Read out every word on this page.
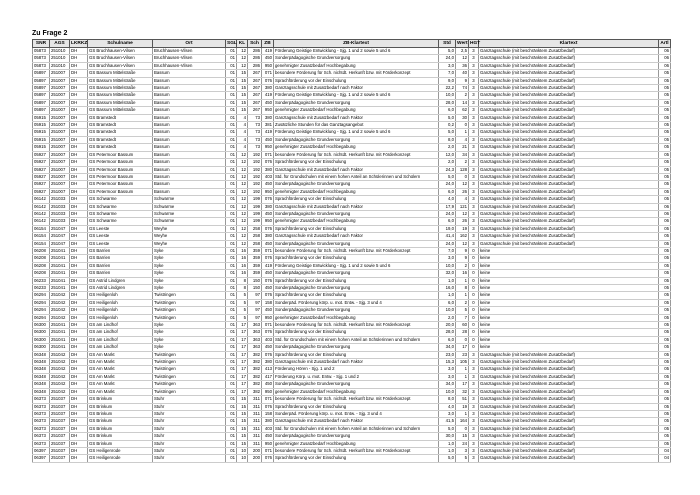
Zu Frage 2
SNR	AGS	LKRKZ	Schulname	Ort	SGL	KL	Sch	ZB	ZB-Klartext	Std	Wert	HGT	Klartext	Artl
05873	251010	DH	GS Bruchhausen-Vilsen	Bruchhausen-Vilsen	01	12	286	419	Förderung Geistige Entwicklung - Sjg. 1 und 2 sowie 5 und 6	5,0	2,5	3	Ganztagsschule (mit beschränktem Zusatzbedarf)	06
05873	251010	DH	GS Bruchhausen-Vilsen	Bruchhausen-Vilsen	01	12	286	450	Sonderpädagogische Grundversorgung	24,0	12	3	Ganztagsschule (mit beschränktem Zusatzbedarf)	06
05873	251010	DH	GS Bruchhausen-Vilsen	Bruchhausen-Vilsen	01	12	286	950	genehmigter Zusatzbedarf Hochbegabung	3,0	36	3	Ganztagsschule (mit beschränktem Zusatzbedarf)	06
05897	251007	DH	GS Bassum Mittelstraße	Bassum	01	15	267	071	besondere Förderung für Sch. nichtdt. Herkunft bzw. mit Förderkonzept	7,0	40	3	Ganztagsschule (mit beschränktem Zusatzbedarf)	05
05897	251007	DH	GS Bassum Mittelstraße	Bassum	01	15	267	076	Sprachförderung vor der Einschulung	9,0	9	3	Ganztagsschule (mit beschränktem Zusatzbedarf)	05
05897	251007	DH	GS Bassum Mittelstraße	Bassum	01	15	267	380	Ganztagsschule mit Zusatzbedarf nach Faktor	22,2	74	3	Ganztagsschule (mit beschränktem Zusatzbedarf)	05
05897	251007	DH	GS Bassum Mittelstraße	Bassum	01	15	267	419	Förderung Geistige Entwicklung - Sjg. 1 und 2 sowie 5 und 6	10,0	2	3	Ganztagsschule (mit beschränktem Zusatzbedarf)	05
05897	251007	DH	GS Bassum Mittelstraße	Bassum	01	15	267	450	Sonderpädagogische Grundversorgung	28,0	14	3	Ganztagsschule (mit beschränktem Zusatzbedarf)	05
05897	251007	DH	GS Bassum Mittelstraße	Bassum	01	15	267	950	genehmigter Zusatzbedarf Hochbegabung	6,0	62	3	Ganztagsschule (mit beschränktem Zusatzbedarf)	05
05915	251007	DH	GS Bramstedt	Bassum	01	4	73	380	Ganztagsschule mit Zusatzbedarf nach Faktor	5,0	30	3	Ganztagsschule (mit beschränktem Zusatzbedarf)	05
05915	251007	DH	GS Bramstedt	Bassum	01	4	73	381	Zusätzliche Stunden für das Ganztagsangebot	0,2	0	3	Ganztagsschule (mit beschränktem Zusatzbedarf)	05
05915	251007	DH	GS Bramstedt	Bassum	01	4	73	419	Förderung Geistige Entwicklung - Sjg. 1 und 2 sowie 5 und 6	5,0	1	3	Ganztagsschule (mit beschränktem Zusatzbedarf)	05
05915	251007	DH	GS Bramstedt	Bassum	01	4	73	450	Sonderpädagogische Grundversorgung	8,0	4	3	Ganztagsschule (mit beschränktem Zusatzbedarf)	05
05915	251007	DH	GS Bramstedt	Bassum	01	4	73	950	genehmigter Zusatzbedarf Hochbegabung	2,0	21	3	Ganztagsschule (mit beschränktem Zusatzbedarf)	05
05927	251007	DH	GS Petermoor Bassum	Bassum	01	12	192	071	besondere Förderung für Sch. nichtdt. Herkunft bzw. mit Förderkonzept	12,0	34	3	Ganztagsschule (mit beschränktem Zusatzbedarf)	05
05927	251007	DH	GS Petermoor Bassum	Bassum	01	12	192	076	Sprachförderung vor der Einschulung	2,0	2	3	Ganztagsschule (mit beschränktem Zusatzbedarf)	05
05927	251007	DH	GS Petermoor Bassum	Bassum	01	12	192	380	Ganztagsschule mit Zusatzbedarf nach Faktor	24,3	128	3	Ganztagsschule (mit beschränktem Zusatzbedarf)	05
05927	251007	DH	GS Petermoor Bassum	Bassum	01	12	192	403	Std. für Grundschulen mit einem hohen Anteil an Schülerinnen und Schülern	5,0	0	3	Ganztagsschule (mit beschränktem Zusatzbedarf)	05
05927	251007	DH	GS Petermoor Bassum	Bassum	01	12	192	450	Sonderpädagogische Grundversorgung	24,0	12	3	Ganztagsschule (mit beschränktem Zusatzbedarf)	05
05927	251007	DH	GS Petermoor Bassum	Bassum	01	12	192	950	genehmigter Zusatzbedarf Hochbegabung	6,0	26	3	Ganztagsschule (mit beschränktem Zusatzbedarf)	05
06142	251033	DH	GS Schwarme	Schwarme	01	12	199	076	Sprachförderung vor der Einschulung	4,0	4	3	Ganztagsschule (mit beschränktem Zusatzbedarf)	05
06142	251033	DH	GS Schwarme	Schwarme	01	12	199	380	Ganztagsschule mit Zusatzbedarf nach Faktor	17,9	121	3	Ganztagsschule (mit beschränktem Zusatzbedarf)	06
06142	251033	DH	GS Schwarme	Schwarme	01	12	199	450	Sonderpädagogische Grundversorgung	24,0	12	3	Ganztagsschule (mit beschränktem Zusatzbedarf)	06
06142	251033	DH	GS Schwarme	Schwarme	01	12	199	950	genehmigter Zusatzbedarf Hochbegabung	6,0	26	3	Ganztagsschule (mit beschränktem Zusatzbedarf)	06
06154	251047	DH	GS Leeste	Weyhe	01	12	258	076	Sprachförderung vor der Einschulung	19,0	19	3	Ganztagsschule (mit beschränktem Zusatzbedarf)	05
06154	251047	DH	GS Leeste	Weyhe	01	12	258	380	Ganztagsschule mit Zusatzbedarf nach Faktor	41,4	162	3	Ganztagsschule (mit beschränktem Zusatzbedarf)	05
06154	251047	DH	GS Leeste	Weyhe	01	12	258	450	Sonderpädagogische Grundversorgung	24,0	12	3	Ganztagsschule (mit beschränktem Zusatzbedarf)	05
06208	251041	DH	GS Barrien	Syke	01	16	359	071	besondere Förderung für Sch. nichtdt. Herkunft bzw. mit Förderkonzept	7,0	9	0	keine	05
06208	251041	DH	GS Barrien	Syke	01	16	359	076	Sprachförderung vor der Einschulung	3,0	9	0	keine	05
06208	251041	DH	GS Barrien	Syke	01	16	359	419	Förderung Geistige Entwicklung - Sjg. 1 und 2 sowie 5 und 6	10,0	2	0	keine	05
06208	251041	DH	GS Barrien	Syke	01	16	359	450	Sonderpädagogische Grundversorgung	32,0	16	0	keine	05
06233	251041	DH	GS Astrid Lindgren	Syke	01	8	150	076	Sprachförderung vor der Einschulung	1,0	1	0	keine	05
06233	251041	DH	GS Astrid Lindgren	Syke	01	8	150	450	Sonderpädagogische Grundversorgung	16,0	8	0	keine	05
06294	251042	DH	GS Heiligenloh	Twistringen	01	5	97	076	Sprachförderung vor der Einschulung	1,0	1	0	keine	05
06294	251042	DH	GS Heiligenloh	Twistringen	01	5	97	158	Sonderpäd. Förderung körp. u. mot. Entw. - Sjg. 3 und 4	6,0	2	0	keine	05
06294	251042	DH	GS Heiligenloh	Twistringen	01	5	97	450	Sonderpädagogische Grundversorgung	10,0	5	0	keine	05
06294	251042	DH	GS Heiligenloh	Twistringen	01	5	97	950	genehmigter Zusatzbedarf Hochbegabung	2,0	7	0	keine	05
06300	251041	DH	GS am Lindhof	Syke	01	17	363	071	besondere Förderung für Sch. nichtdt. Herkunft bzw. mit Förderkonzept	20,0	60	0	keine	05
06300	251041	DH	GS am Lindhof	Syke	01	17	363	076	Sprachförderung vor der Einschulung	28,0	28	0	keine	05
06300	251041	DH	GS am Lindhof	Syke	01	17	363	403	Std. für Grundschulen mit einem hohen Anteil an Schülerinnen und Schülern	6,0	0	0	keine	05
06300	251041	DH	GS am Lindhof	Syke	01	17	363	450	Sonderpädagogische Grundversorgung	34,0	17	0	keine	05
06348	251042	DH	GS Am Markt	Twistringen	01	17	382	076	Sprachförderung vor der Einschulung	23,0	23	3	Ganztagsschule (mit beschränktem Zusatzbedarf)	05
06348	251042	DH	GS Am Markt	Twistringen	01	17	382	380	Ganztagsschule mit Zusatzbedarf nach Faktor	15,3	105	3	Ganztagsschule (mit beschränktem Zusatzbedarf)	05
06348	251042	DH	GS Am Markt	Twistringen	01	17	382	413	Förderung Hören - Sjg. 1 und 2	3,0	1	3	Ganztagsschule (mit beschränktem Zusatzbedarf)	05
06348	251042	DH	GS Am Markt	Twistringen	01	17	382	417	Förderung Körp. u. mot. Entw. - Sjg. 1 und 2	3,0	1	3	Ganztagsschule (mit beschränktem Zusatzbedarf)	05
06348	251042	DH	GS Am Markt	Twistringen	01	17	382	450	Sonderpädagogische Grundversorgung	34,0	17	3	Ganztagsschule (mit beschränktem Zusatzbedarf)	05
06348	251042	DH	GS Am Markt	Twistringen	01	17	382	950	genehmigter Zusatzbedarf Hochbegabung	10,0	32	3	Ganztagsschule (mit beschränktem Zusatzbedarf)	05
06373	251037	DH	GS Brinkum	Stuhr	01	15	311	071	besondere Förderung für Sch. nichtdt. Herkunft bzw. mit Förderkonzept	8,0	51	3	Ganztagsschule (mit beschränktem Zusatzbedarf)	05
06373	251037	DH	GS Brinkum	Stuhr	01	15	311	076	Sprachförderung vor der Einschulung	4,0	19	3	Ganztagsschule (mit beschränktem Zusatzbedarf)	05
06373	251037	DH	GS Brinkum	Stuhr	01	15	311	158	Sonderpäd. Förderung körp. u. mot. Entw. - Sjg. 3 und 4	3,0	1	3	Ganztagsschule (mit beschränktem Zusatzbedarf)	05
06373	251037	DH	GS Brinkum	Stuhr	01	15	311	380	Ganztagsschule mit Zusatzbedarf nach Faktor	41,5	164	3	Ganztagsschule (mit beschränktem Zusatzbedarf)	05
06373	251037	DH	GS Brinkum	Stuhr	01	15	311	403	Std. für Grundschulen mit einem hohen Anteil an Schülerinnen und Schülern	5,0	0	3	Ganztagsschule (mit beschränktem Zusatzbedarf)	05
06373	251037	DH	GS Brinkum	Stuhr	01	15	311	450	Sonderpädagogische Grundversorgung	30,0	15	3	Ganztagsschule (mit beschränktem Zusatzbedarf)	05
06373	251037	DH	GS Brinkum	Stuhr	01	15	311	950	genehmigter Zusatzbedarf Hochbegabung	1,0	24	3	Ganztagsschule (mit beschränktem Zusatzbedarf)	05
06397	251037	DH	GS Heiligenrode	Stuhr	01	10	200	071	besondere Förderung für Sch. nichtdt. Herkunft bzw. mit Förderkonzept	1,0	3	3	Ganztagsschule (mit beschränktem Zusatzbedarf)	04
06397	251037	DH	GS Heiligenrode	Stuhr	01	10	200	076	Sprachförderung vor der Einschulung	5,0	5	3	Ganztagsschule (mit beschränktem Zusatzbedarf)	04
